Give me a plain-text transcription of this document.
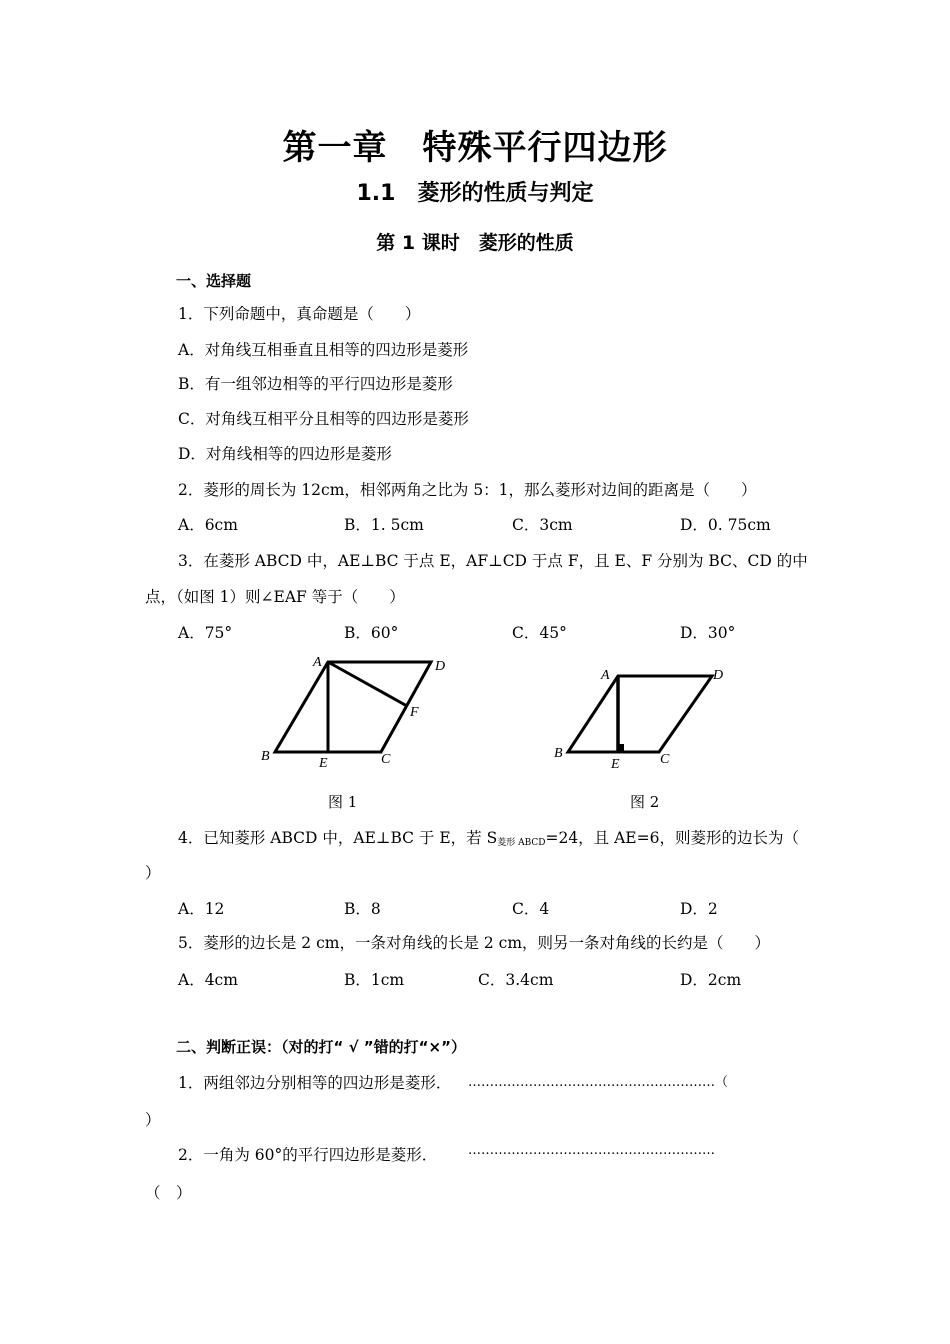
第一章　特殊平行四边形
1.1　菱形的性质与判定
第 1 课时　菱形的性质
一、选择题
1．下列命题中，真命题是（　　）
A．对角线互相垂直且相等的四边形是菱形
B．有一组邻边相等的平行四边形是菱形
C．对角线互相平分且相等的四边形是菱形
D．对角线相等的四边形是菱形
2．菱形的周长为 12cm，相邻两角之比为 5：1，那么菱形对边间的距离是（　　）
A．6cm	B．1. 5cm	C．3cm	D．0. 75cm
3．在菱形 ABCD 中，AE⊥BC 于点 E，AF⊥CD 于点 F，且 E、F 分别为 BC、CD 的中
点，（如图 1）则∠EAF 等于（　　）
A．75°	B．60°	C．45°	D．30°
A	D
F
B	E	C
图 1
A	D
B
E	C
图 2
4．已知菱形 ABCD 中，AE⊥BC 于 E，若 S菱形 ABCD=24，且 AE=6，则菱形的边长为（
）
A．12	B．8	C．4	D．2
5．菱形的边长是 2 cm，一条对角线的长是 2 cm，则另一条对角线的长约是（　　）
A．4cm	B．1cm	C．3.4cm	D．2cm
二、判断正误：（对的打“ √ ”错的打“×”）
1．两组邻边分别相等的四边形是菱形． …………………………………………………（
）
2．一角为 60°的平行四边形是菱形． …………………………………………………
（　）
